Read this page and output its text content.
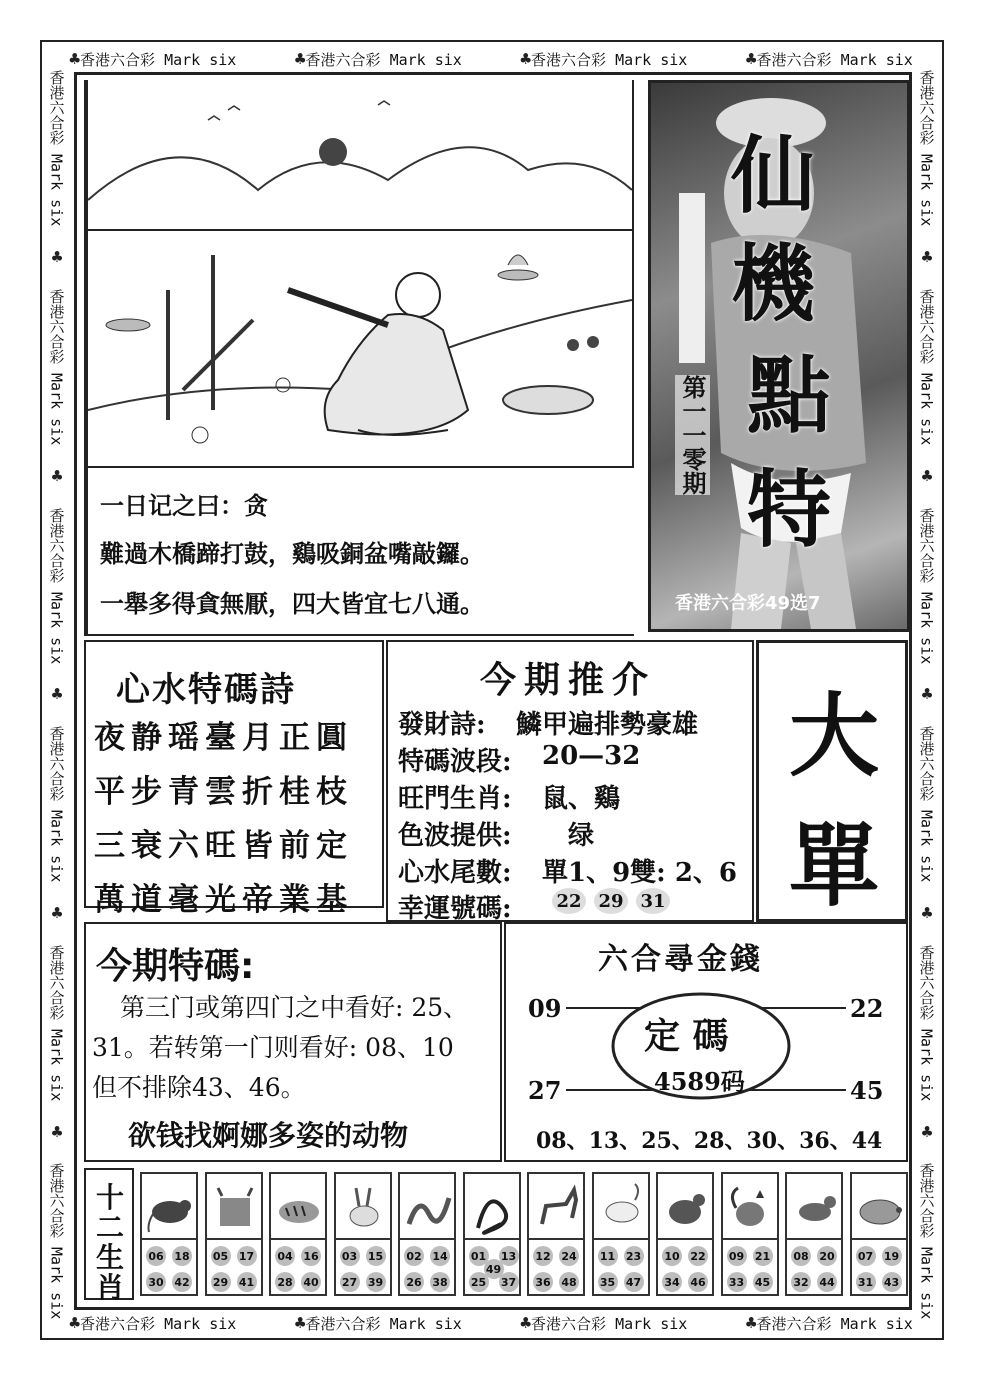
♣香港六合彩 Mark six	♣香港六合彩 Mark six	♣香港六合彩 Mark six	♣香港六合彩 Mark six
♣香港六合彩 Mark six	♣香港六合彩 Mark six	♣香港六合彩 Mark six	♣香港六合彩 Mark six
香港六合彩 Mark six
♣
香港六合彩 Mark six
♣
香港六合彩 Mark six
♣
香港六合彩 Mark six
♣
香港六合彩 Mark six
♣
香港六合彩 Mark six
香港六合彩 Mark six
♣
香港六合彩 Mark six
♣
香港六合彩 Mark six
♣
香港六合彩 Mark six
♣
香港六合彩 Mark six
♣
香港六合彩 Mark six
一日记之曰：贪
難過木橋蹄打鼓，鷄吸銅盆嘴敲鑼。
一舉多得貪無厭，四大皆宜七八通。
仙
機
點
特
第一一零期
香港六合彩49选7
心水特碼詩
夜静瑶臺月正圓
平步青雲折桂枝
三衰六旺皆前定
萬道毫光帝業基
今期推介
發財詩: 鱗甲遍排勢豪雄
特碼波段: 20—32
旺門生肖: 鼠、鷄
色波提供: 绿
心水尾數: 單1、9雙: 2、6
幸運號碼: 22 29 31
大
單
今期特碼:
第三门或第四门之中看好: 25、
31。若转第一门则看好: 08、10
但不排除43、46。
欲钱找婀娜多姿的动物
六合尋金錢
09	22
27	45
定 碼
4589码
08、13、25、28、30、36、44
十
二
生
肖
06 18
30 42
05 17
29 41
04 16
28 40
03 15
27 39
02 14
26 38
01 13
25 37
49
12 24
36 48
11 23
35 47
10 22
34 46
09 21
33 45
08 20
32 44
07 19
31 43
